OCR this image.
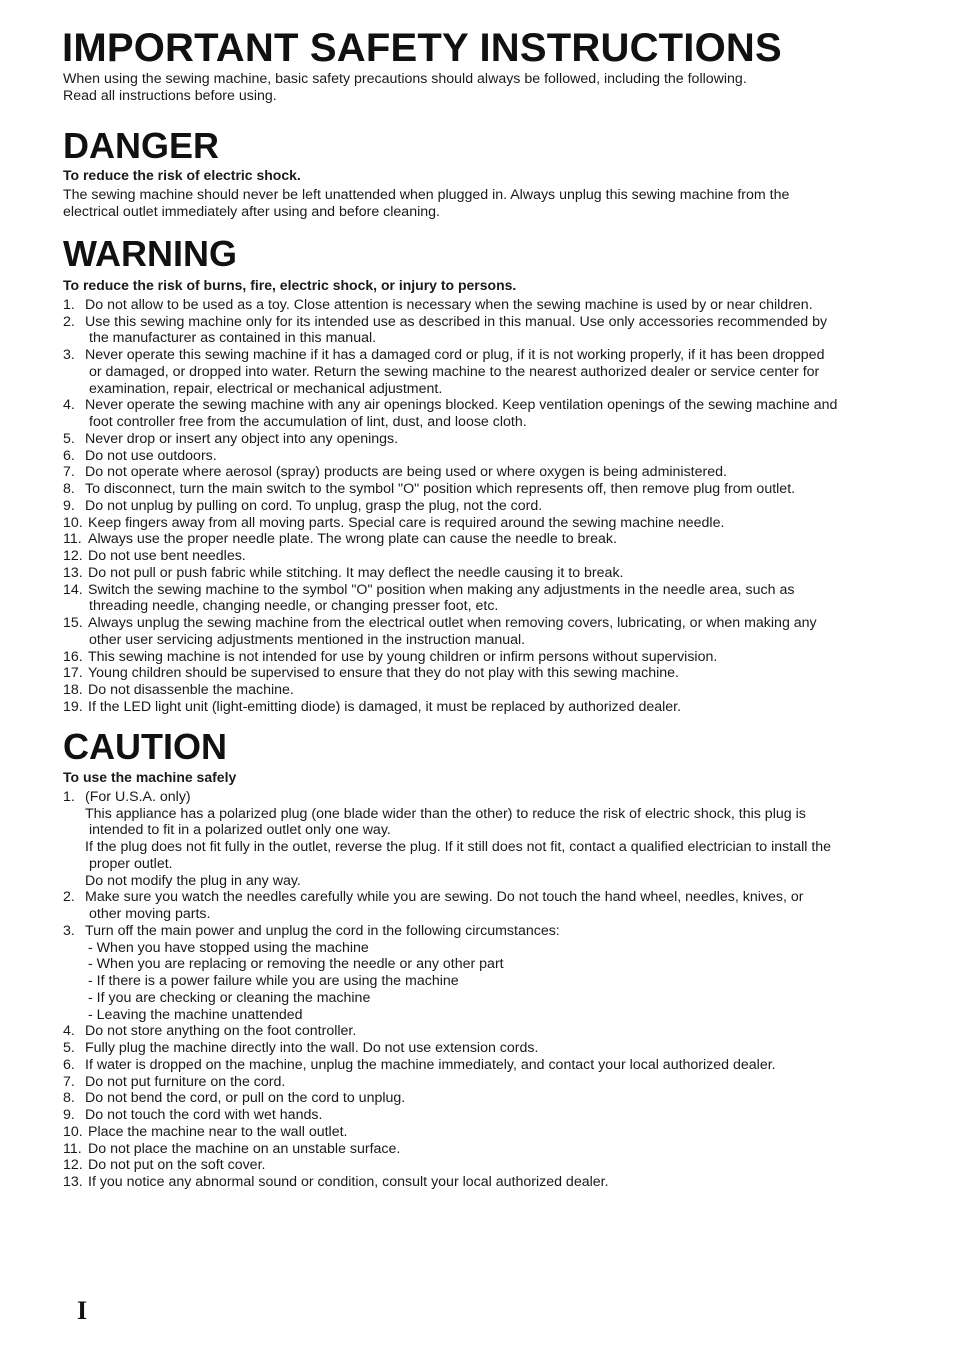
IMPORTANT SAFETY INSTRUCTIONS
When using the sewing machine, basic safety precautions should always be followed, including the following.
Read all instructions before using.
DANGER
To reduce the risk of electric shock.
The sewing machine should never be left unattended when plugged in. Always unplug this sewing machine from the
electrical outlet immediately after using and before cleaning.
WARNING
To reduce the risk of burns, fire, electric shock, or injury to persons.
1. Do not allow to be used as a toy. Close attention is necessary when the sewing machine is used by or near children.
2. Use this sewing machine only for its intended use as described in this manual. Use only accessories recommended by
the manufacturer as contained in this manual.
3. Never operate this sewing machine if it has a damaged cord or plug, if it is not working properly, if it has been dropped
or damaged, or dropped into water. Return the sewing machine to the nearest authorized dealer or service center for
examination, repair, electrical or mechanical adjustment.
4. Never operate the sewing machine with any air openings blocked. Keep ventilation openings of the sewing machine and
foot controller free from the accumulation of lint, dust, and loose cloth.
5. Never drop or insert any object into any openings.
6. Do not use outdoors.
7. Do not operate where aerosol (spray) products are being used or where oxygen is being administered.
8. To disconnect, turn the main switch to the symbol "O" position which represents off, then remove plug from outlet.
9. Do not unplug by pulling on cord. To unplug, grasp the plug, not the cord.
10. Keep fingers away from all moving parts. Special care is required around the sewing machine needle.
11. Always use the proper needle plate. The wrong plate can cause the needle to break.
12. Do not use bent needles.
13. Do not pull or push fabric while stitching. It may deflect the needle causing it to break.
14. Switch the sewing machine to the symbol "O" position when making any adjustments in the needle area, such as
threading needle, changing needle, or changing presser foot, etc.
15. Always unplug the sewing machine from the electrical outlet when removing covers, lubricating, or when making any
other user servicing adjustments mentioned in the instruction manual.
16. This sewing machine is not intended for use by young children or infirm persons without supervision.
17. Young children should be supervised to ensure that they do not play with this sewing machine.
18. Do not disassenble the machine.
19. If the LED light unit (light-emitting diode) is damaged, it must be replaced by authorized dealer.
CAUTION
To use the machine safely
1. (For U.S.A. only)
This appliance has a polarized plug (one blade wider than the other) to reduce the risk of electric shock, this plug is
intended to fit in a polarized outlet only one way.
If the plug does not fit fully in the outlet, reverse the plug. If it still does not fit, contact a qualified electrician to install the
proper outlet.
Do not modify the plug in any way.
2. Make sure you watch the needles carefully while you are sewing. Do not touch the hand wheel, needles, knives, or
other moving parts.
3. Turn off the main power and unplug the cord in the following circumstances:
- When you have stopped using the machine
- When you are replacing or removing the needle or any other part
- If there is a power failure while you are using the machine
- If you are checking or cleaning the machine
- Leaving the machine unattended
4. Do not store anything on the foot controller.
5. Fully plug the machine directly into the wall. Do not use extension cords.
6. If water is dropped on the machine, unplug the machine immediately, and contact your local authorized dealer.
7. Do not put furniture on the cord.
8. Do not bend the cord, or pull on the cord to unplug.
9. Do not touch the cord with wet hands.
10. Place the machine near to the wall outlet.
11. Do not place the machine on an unstable surface.
12. Do not put on the soft cover.
13. If you notice any abnormal sound or condition, consult your local authorized dealer.
I
